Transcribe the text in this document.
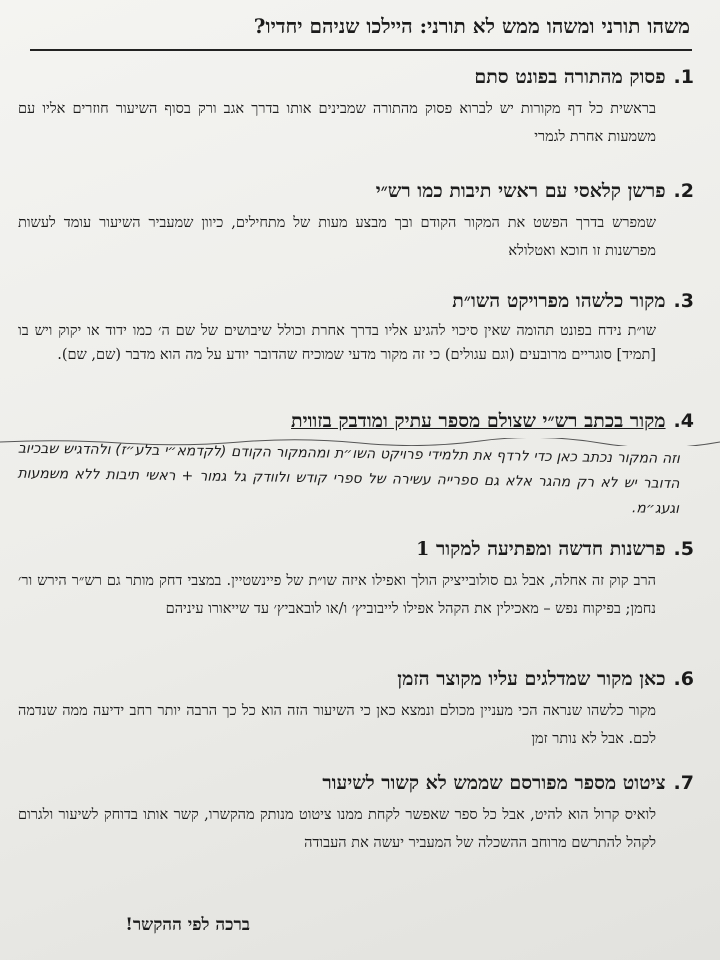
משהו תורני ומשהו ממש לא תורני: היילכו שניהם יחדיו?
.1
פסוק מהתורה בפונט סתם
בראשית כל דף מקורות יש לברוא פסוק מהתורה שמבינים אותו בדרך אגב ורק בסוף השיעור חוזרים אליו עם משמעות אחרת לגמרי
.2
פרשן קלאסי עם ראשי תיבות כמו רש״י
שמפרש בדרך הפשט את המקור הקודם ובך מבצע מעות של מתחילים, כיוון שמעביר השיעור עומד לעשות מפרשנות זו חוכא ואטלולא
.3
מקור כלשהו מפרויקט השו״ת
שו״ת נידח בפונט תהומה שאין סיכוי להגיע אליו בדרך אחרת וכולל שיבושים של שם ה׳ כמו ידוד או יקוק ויש בו [תמיד] סוגריים מרובעים (וגם עגולים) כי זה מקור מדעי שמוכיח שהדובר יודע על מה הוא מדבר (שם, שם).
.4
מקור בכתב רש״י שצולם מספר עתיק ומודבק בזווית
וזה המקור נכתב כאן כדי לרדף את תלמידי פרויקט השו״ת ומהמקור הקודם (לקדמא״י בלע״ז) ולהדגיש שבכיוב הדובר יש לא רק מהגר אלא גם ספרייה עשירה של ספרי קודש ולוודק גל גמור + ראשי תיבות ללא משמעות וגעג״מ.
.5
פרשנות חדשה ומפתיעה למקור 1
הרב קוק זה אחלה, אבל גם סולובייציק הולך ואפילו איזה שו״ת של פיינשטיין. במצבי דחק מותר גם רש״ר הירש ור׳ נחמן; בפיקוח נפש – מאכילין את הקהל אפילו לייבוביץ׳ ו/או לובאביץ׳ עד שייאורו עיניהם
.6
כאן מקור שמדלגים עליו מקוצר הזמן
מקור כלשהו שנראה הכי מעניין מכולם ונמצא כאן כי השיעור הזה הוא כל כך הרבה יותר רחב ידיעה ממה שנדמה לכם. אבל לא נותר זמן
.7
ציטוט מספר מפורסם שממש לא קשור לשיעור
לואיס קרול הוא להיט, אבל כל ספר שאפשר לקחת ממנו ציטוט מנותק מהקשרו, קשר אותו בדוחק לשיעור ולגרום לקהל להתרשם מרוחב ההשכלה של המעביר יעשה את העבודה
ברכה לפי ההקשר!
